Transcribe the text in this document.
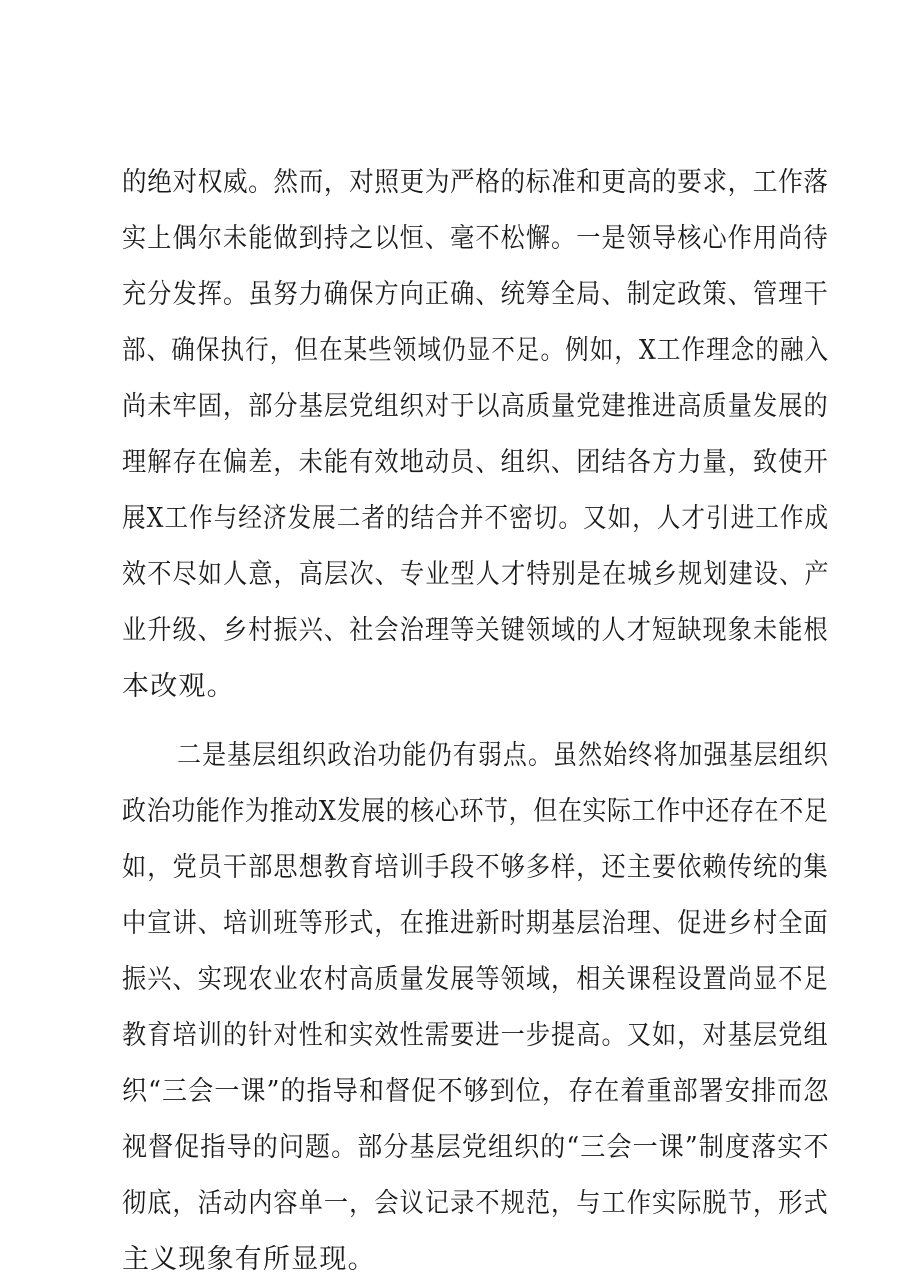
的绝对权威。然而，对照更为严格的标准和更高的要求，工作落
实上偶尔未能做到持之以恒、毫不松懈。一是领导核心作用尚待
充分发挥。虽努力确保方向正确、统筹全局、制定政策、管理干
部、确保执行，但在某些领域仍显不足。例如，X工作理念的融入
尚未牢固，部分基层党组织对于以高质量党建推进高质量发展的
理解存在偏差，未能有效地动员、组织、团结各方力量，致使开
展X工作与经济发展二者的结合并不密切。又如，人才引进工作成
效不尽如人意，高层次、专业型人才特别是在城乡规划建设、产
业升级、乡村振兴、社会治理等关键领域的人才短缺现象未能根
本改观。
二是基层组织政治功能仍有弱点。虽然始终将加强基层组织
政治功能作为推动X发展的核心环节，但在实际工作中还存在不足
如，党员干部思想教育培训手段不够多样，还主要依赖传统的集
中宣讲、培训班等形式，在推进新时期基层治理、促进乡村全面
振兴、实现农业农村高质量发展等领域，相关课程设置尚显不足
教育培训的针对性和实效性需要进一步提高。又如，对基层党组
织“三会一课”的指导和督促不够到位，存在着重部署安排而忽
视督促指导的问题。部分基层党组织的“三会一课”制度落实不
彻底，活动内容单一，会议记录不规范，与工作实际脱节，形式
主义现象有所显现。
